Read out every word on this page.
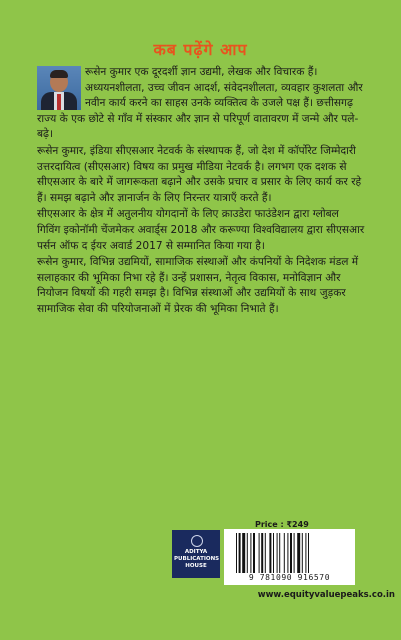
कब पढ़ेंगे आप

रूसेन कुमार एक दूरदर्शी ज्ञान उद्यमी, लेखक और विचारक हैं। अध्ययनशीलता, उच्च जीवन आदर्श, संवेदनशीलता, व्यवहार कुशलता और नवीन कार्य करने का साहस उनके व्यक्तित्व के उजले पक्ष हैं। छत्तीसगढ़ राज्य के एक छोटे से गाँव में संस्कार और ज्ञान से परिपूर्ण वातावरण में जन्मे और पले-बढ़े।

रूसेन कुमार, इंडिया सीएसआर नेटवर्क के संस्थापक हैं, जो देश में कॉर्पोरेट जिम्मेदारी उत्तरदायित्व (सीएसआर) विषय का प्रमुख मीडिया नेटवर्क है। लगभग एक दशक से सीएसआर के बारे में जागरूकता बढ़ाने और उसके प्रचार व प्रसार के लिए कार्य कर रहे हैं। समझ बढ़ाने और ज्ञानार्जन के लिए निरन्तर यात्राएँ करते हैं।

सीएसआर के क्षेत्र में अतुलनीय योगदानों के लिए क्राउडेरा फाउंडेशन द्वारा ग्लोबल गिविंग इकोनॉमी चेंजमेकर अवार्ड्स 2018 और करूण्या विश्वविद्यालय द्वारा सीएसआर पर्सन ऑफ द ईयर अवार्ड 2017 से सम्मानित किया गया है।

रूसेन कुमार, विभिन्न उद्यमियों, सामाजिक संस्थाओं और कंपनियों के निदेशक मंडल में सलाहकार की भूमिका निभा रहे हैं। उन्हें प्रशासन, नेतृत्व विकास, मनोविज्ञान और नियोजन विषयों की गहरी समझ है। विभिन्न संस्थाओं और उद्यमियों के साथ जुड़कर सामाजिक सेवा की परियोजनाओं में प्रेरक की भूमिका निभाते हैं।

Price : ₹249
ADITYA PUBLICATIONS HOUSE
9 781090 916570
www.equityvaluepeaks.co.in
